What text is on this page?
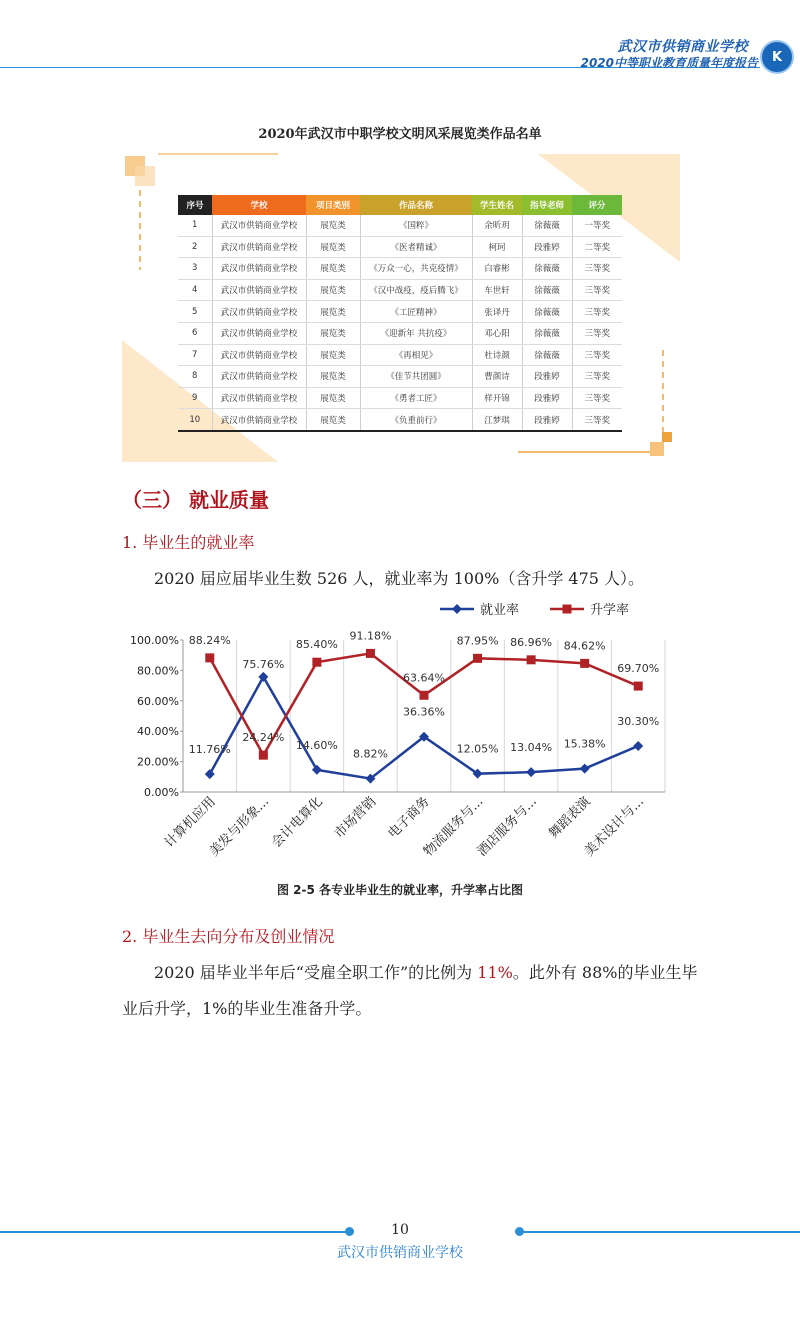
武汉市供销商业学校
2020中等职业教育质量年度报告 K
2020年武汉市中职学校文明风采展览类作品名单
序号	学校	项目类别	作品名称	学生姓名	指导老师	评分
1	武汉市供销商业学校	展览类	《国粹》	余昕玥	徐薇薇	一等奖
2	武汉市供销商业学校	展览类	《医者精诚》	柯珂	段雅婷	二等奖
3	武汉市供销商业学校	展览类	《万众一心，共克疫情》	白睿彬	徐薇薇	三等奖
4	武汉市供销商业学校	展览类	《汉中战疫，疫后腾飞》	车世轩	徐薇薇	三等奖
5	武汉市供销商业学校	展览类	《工匠精神》	张译丹	徐薇薇	三等奖
6	武汉市供销商业学校	展览类	《迎新年 共抗疫》	邓心阳	徐薇薇	三等奖
7	武汉市供销商业学校	展览类	《再相见》	杜诗颜	徐薇薇	三等奖
8	武汉市供销商业学校	展览类	《佳节共团圆》	曹颜诗	段雅婷	三等奖
9	武汉市供销商业学校	展览类	《勇者工匠》	样开锦	段雅婷	三等奖
10	武汉市供销商业学校	展览类	《负重前行》	江梦琪	段雅婷	三等奖
（三） 就业质量
1. 毕业生的就业率
2020 届应届毕业生数 526 人，就业率为 100%（含升学 475 人）。
0.00%
20.00%
40.00%
60.00%
80.00%
100.00%
计算机应用
美发与形象...
会计电算化 市场营销 电子商务
物流服务与...
酒店服务与... 舞蹈表演
美术设计与...
11.76%
75.76%
14.60%
8.82%
36.36%
12.05% 13.04% 15.38%
30.30%
88.24%
24.24%
85.40%
91.18%
63.64%
87.95% 86.96% 84.62%
69.70%
就业率	升学率
图 2-5 各专业毕业生的就业率，升学率占比图
2. 毕业生去向分布及创业情况
2020 届毕业半年后“受雇全职工作”的比例为 11%。此外有 88%的毕业生毕
业后升学，1%的毕业生准备升学。
10
武汉市供销商业学校
